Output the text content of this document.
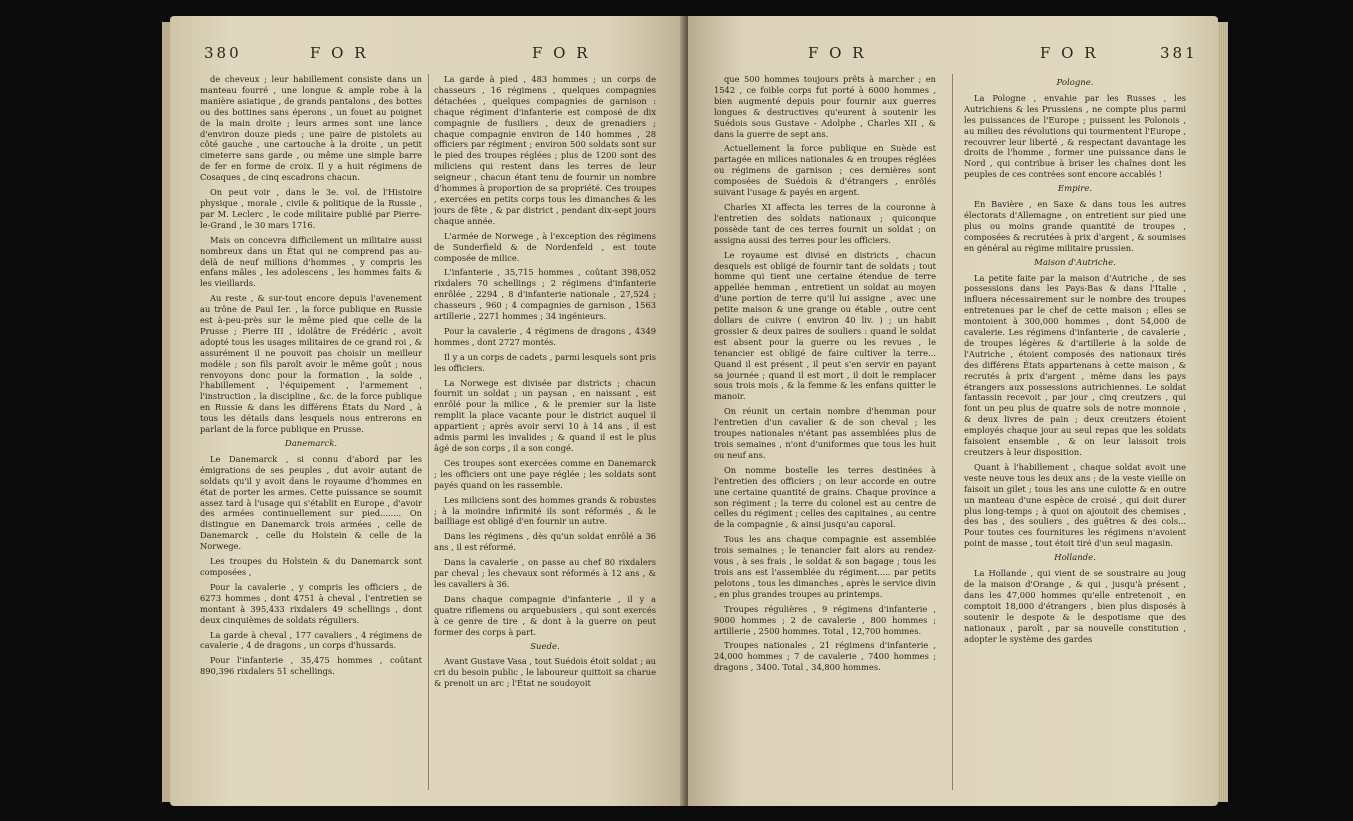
380	F O R	F O R

de cheveux ; leur habillement consiste dans un manteau fourré , une longue & ample robe à la manière asiatique , de grands pantalons , des bottes ou des bottines sans éperons , un fouet au poignet de la main droite ; leurs armes sont une lance d'environ douze pieds ; une paire de pistolets au côté gauche , une cartouche à la droite , un petit cimeterre sans garde , ou même une simple barre de fer en forme de croix. Il y a huit régimens de Cosaques , de cinq escadrons chacun.

On peut voir , dans le 3e. vol. de l'Histoire physique , morale , civile & politique de la Russie , par M. Leclerc , le code militaire publié par Pierre-le-Grand , le 30 mars 1716.

Mais on concevra difficilement un militaire aussi nombreux dans un État qui ne comprend pas au-delà de neuf millions d'hommes , y compris les enfans mâles , les adolescens , les hommes faits & les vieillards.

Au reste , & sur-tout encore depuis l'avenement au trône de Paul Ier. , la force publique en Russie est à-peu-près sur le même pied que celle de la Prusse ; Pierre III , idolâtre de Frédéric , avoit adopté tous les usages militaires de ce grand roi , & assurément il ne pouvoit pas choisir un meilleur modèle ; son fils paroît avoir le même goût ; nous renvoyons donc pour la formation , la solde , l'habillement , l'équipement , l'armement , l'instruction , la discipline , &c. de la force publique en Russie & dans les différens États du Nord , à tous les détails dans lesquels nous entrerons en parlant de la force publique en Prusse.

Danemarck.

Le Danemarck , si connu d'abord par les émigrations de ses peuples , dut avoir autant de soldats qu'il y avoit dans le royaume d'hommes en état de porter les armes. Cette puissance se soumit assez tard à l'usage qui s'établit en Europe , d'avoir des armées continuellement sur pied........ On distingue en Danemarck trois armées , celle de Danemarck , celle du Holstein & celle de la Norwege.

Les troupes du Holstein & du Danemarck sont composées ,

Pour la cavalerie , y compris les officiers , de 6273 hommes , dont 4751 à cheval , l'entretien se montant à 395,433 rixdalers 49 schellings , dont deux cinquièmes de soldats réguliers.

La garde à cheval , 177 cavaliers , 4 régimens de cavalerie , 4 de dragons , un corps d'hussards.

Pour l'infanterie , 35,475 hommes , coûtant 890,396 rixdalers 51 schellings.

La garde à pied , 483 hommes ; un corps de chasseurs , 16 régimens , quelques compagnies détachées , quelques compagnies de garnison : chaque régiment d'infanterie est composé de dix compagnie de fusiliers , deux de grenadiers ; chaque compagnie environ de 140 hommes , 28 officiers par régiment ; environ 500 soldats sont sur le pied des troupes réglées ; plus de 1200 sont des miliciens qui restent dans les terres de leur seigneur , chacun étant tenu de fournir un nombre d'hommes à proportion de sa propriété. Ces troupes , exercées en petits corps tous les dimanches & les jours de fête , & par district , pendant dix-sept jours chaque année.

L'armée de Norwege , à l'exception des régimens de Sunderfield & de Nordenfeld , est toute composée de milice.

L'infanterie , 35,715 hommes , coûtant 398,052 rixdalers 70 schellings ; 2 régimens d'infanterie enrôlée , 2294 , 8 d'infanterie nationale , 27,524 ; chasseurs , 960 ; 4 compagnies de garnison , 1563 artillerie , 2271 hommes ; 34 ingénieurs.

Pour la cavalerie , 4 régimens de dragons , 4349 hommes , dont 2727 montés.

Il y a un corps de cadets , parmi lesquels sont pris les officiers.

La Norwege est divisée par districts ; chacun fournit un soldat ; un paysan , en naissant , est enrôlé pour la milice , & le premier sur la liste remplit la place vacante pour le district auquel il appartient ; après avoir servi 10 à 14 ans , il est admis parmi les invalides ; & quand il est le plus âgé de son corps , il a son congé.

Ces troupes sont exercées comme en Danemarck ; les officiers ont une paye réglée ; les soldats sont payés quand on les rassemble.

Les miliciens sont des hommes grands & robustes ; à la moindre infirmité ils sont réformés , & le bailliage est obligé d'en fournir un autre.

Dans les régimens , dès qu'un soldat enrôlé a 36 ans , il est réformé.

Dans la cavalerie , on passe au chef 80 rixdalers par cheval ; les chevaux sont réformés à 12 ans , & les cavaliers à 36.

Dans chaque compagnie d'infanterie , il y a quatre riflemens ou arquebusiers , qui sont exercés à ce genre de tire , & dont à la guerre on peut former des corps à part.

Suede.

Avant Gustave Vasa , tout Suédois étoit soldat ; au cri du besoin public , le laboureur quittoit sa charue & prenoit un arc ; l'État ne soudoyoit

F O R	F O R	381

que 500 hommes toujours prêts à marcher ; en 1542 , ce foible corps fut porté à 6000 hommes , bien augmenté depuis pour fournir aux guerres longues & destructives qu'eurent à soutenir les Suédois sous Gustave - Adolphe , Charles XII , & dans la guerre de sept ans.

Actuellement la force publique en Suède est partagée en milices nationales & en troupes réglées ou régimens de garnison ; ces dernières sont composées de Suédois & d'étrangers , enrôlés suivant l'usage & payés en argent.

Charles XI affecta les terres de la couronne à l'entretien des soldats nationaux ; quiconque possède tant de ces terres fournit un soldat ; on assigna aussi des terres pour les officiers.

Le royaume est divisé en districts , chacun desquels est obligé de fournir tant de soldats ; tout homme qui tient une certaine étendue de terre appellée hemman , entretient un soldat au moyen d'une portion de terre qu'il lui assigne , avec une petite maison & une grange ou étable , outre cent dollars de cuivre ( environ 40 liv. ) ; un habit grossier & deux paires de souliers : quand le soldat est absent pour la guerre ou les revues , le tenancier est obligé de faire cultiver la terre... Quand il est présent , il peut s'en servir en payant sa journée ; quand il est mort , il doit le remplacer sous trois mois , & la femme & les enfans quitter le manoir.

On réunit un certain nombre d'hemman pour l'entretien d'un cavalier & de son cheval ; les troupes nationales n'étant pas assemblées plus de trois semaines , n'ont d'uniformes que tous les huit ou neuf ans.

On nomme bostelle les terres destinées à l'entretien des officiers ; on leur accorde en outre une certaine quantité de grains. Chaque province a son régiment ; la terre du colonel est au centre de celles du régiment ; celles des capitaines , au centre de la compagnie , & ainsi jusqu'au caporal.

Tous les ans chaque compagnie est assemblée trois semaines ; le tenancier fait alors au rendez-vous , à ses frais , le soldat & son bagage ; tous les trois ans est l'assemblée du régiment..... par petits pelotons , tous les dimanches , après le service divin , en plus grandes troupes au printemps.

Troupes régulières , 9 régimens d'infanterie , 9000 hommes ; 2 de cavalerie , 800 hommes ; artillerie , 2500 hommes. Total , 12,700 hommes.

Troupes nationales , 21 régimens d'infanterie , 24,000 hommes ; 7 de cavalerie , 7400 hommes ; dragons , 3400. Total , 34,800 hommes.

Pologne.

La Pologne , envahie par les Russes , les Autrichiens & les Prussiens , ne compte plus parmi les puissances de l'Europe ; puissent les Polonois , au milieu des révolutions qui tourmentent l'Europe , recouvrer leur liberté , & respectant davantage les droits de l'homme , former une puissance dans le Nord , qui contribue à briser les chaînes dont les peuples de ces contrées sont encore accablés !

Empire.

En Bavière , en Saxe & dans tous les autres électorats d'Allemagne , on entretient sur pied une plus ou moins grande quantité de troupes , composées & recrutées à prix d'argent , & soumises en général au régime militaire prussien.

Maison d'Autriche.

La petite faite par la maison d'Autriche , de ses possessions dans les Pays-Bas & dans l'Italie , influera nécessairement sur le nombre des troupes entretenues par le chef de cette maison ; elles se montoient à 300,000 hommes , dont 54,000 de cavalerie. Les régimens d'infanterie , de cavalerie , de troupes légères & d'artillerie à la solde de l'Autriche , étoient composés des nationaux tirés des différens États appartenans à cette maison , & recrutés à prix d'argent , même dans les pays étrangers aux possessions autrichiennes. Le soldat fantassin recevoit , par jour , cinq creutzers , qui font un peu plus de quatre sols de notre monnoie , & deux livres de pain ; deux creutzers étoient employés chaque jour au seul repas que les soldats faisoient ensemble , & on leur laissoit trois creutzers à leur disposition.

Quant à l'habillement , chaque soldat avoit une veste neuve tous les deux ans ; de la veste vieille on faisoit un gilet ; tous les ans une culotte & en outre un manteau d'une espèce de croisé , qui doit durer plus long-temps ; à quoi on ajoutoit des chemises , des bas , des souliers , des guêtres & des cols... Pour toutes ces fournitures les régimens n'avoient point de masse , tout étoit tiré d'un seul magasin.

Hollande.

La Hollande , qui vient de se soustraire au joug de la maison d'Orange , & qui , jusqu'à présent , dans les 47,000 hommes qu'elle entretenoit , en comptoit 18,000 d'étrangers , bien plus disposés à soutenir le despote & le despotisme que des nationaux , paroît , par sa nouvelle constitution , adopter le système des gardes
